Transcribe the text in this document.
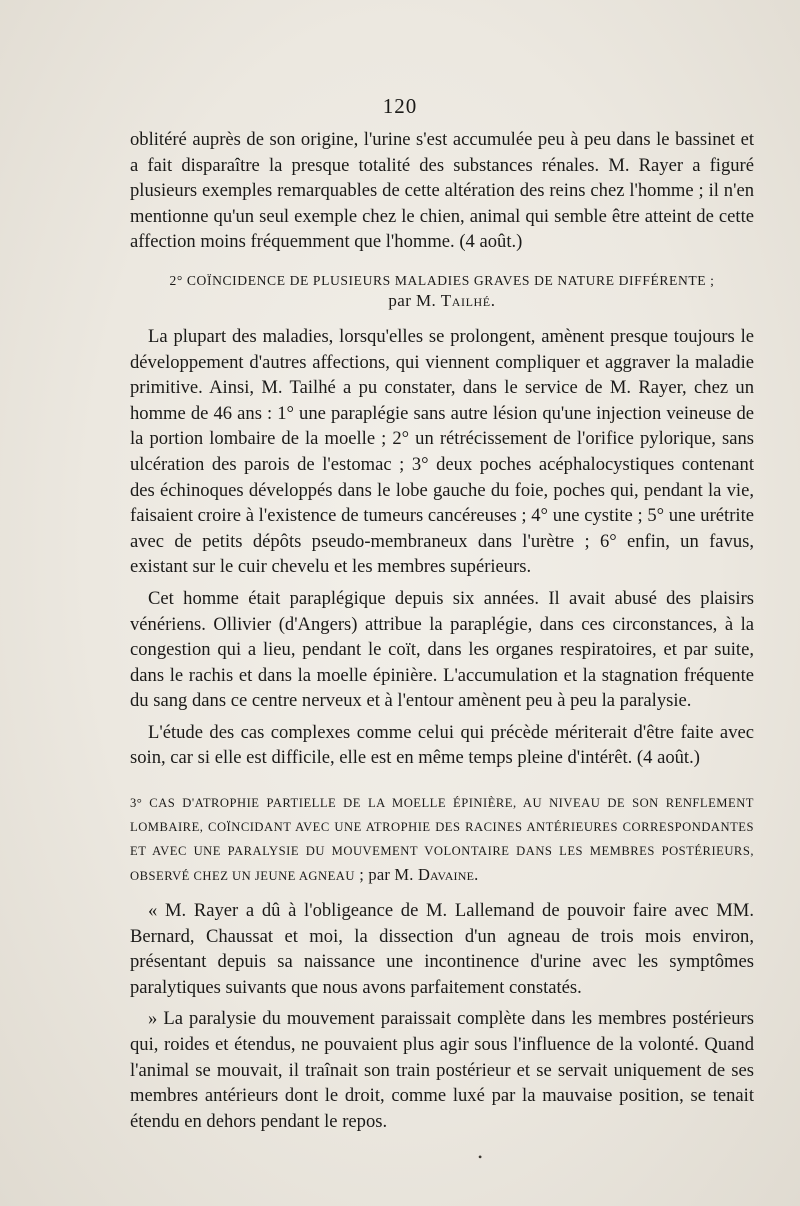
120

oblitéré auprès de son origine, l'urine s'est accumulée peu à peu dans le bassinet et a fait disparaître la presque totalité des substances rénales. M. Rayer a figuré plusieurs exemples remarquables de cette altération des reins chez l'homme ; il n'en mentionne qu'un seul exemple chez le chien, animal qui semble être atteint de cette affection moins fréquemment que l'homme. (4 août.)

2° COÏNCIDENCE DE PLUSIEURS MALADIES GRAVES DE NATURE DIFFÉRENTE ;
par M. Tailhé.

La plupart des maladies, lorsqu'elles se prolongent, amènent presque toujours le développement d'autres affections, qui viennent compliquer et aggraver la maladie primitive. Ainsi, M. Tailhé a pu constater, dans le service de M. Rayer, chez un homme de 46 ans : 1° une paraplégie sans autre lésion qu'une injection veineuse de la portion lombaire de la moelle ; 2° un rétrécissement de l'orifice pylorique, sans ulcération des parois de l'estomac ; 3° deux poches acéphalocystiques contenant des échinoques développés dans le lobe gauche du foie, poches qui, pendant la vie, faisaient croire à l'existence de tumeurs cancéreuses ; 4° une cystite ; 5° une urétrite avec de petits dépôts pseudo-membraneux dans l'urètre ; 6° enfin, un favus, existant sur le cuir chevelu et les membres supérieurs.

Cet homme était paraplégique depuis six années. Il avait abusé des plaisirs vénériens. Ollivier (d'Angers) attribue la paraplégie, dans ces circonstances, à la congestion qui a lieu, pendant le coït, dans les organes respiratoires, et par suite, dans le rachis et dans la moelle épinière. L'accumulation et la stagnation fréquente du sang dans ce centre nerveux et à l'entour amènent peu à peu la paralysie.

L'étude des cas complexes comme celui qui précède mériterait d'être faite avec soin, car si elle est difficile, elle est en même temps pleine d'intérêt. (4 août.)

3° CAS D'ATROPHIE PARTIELLE DE LA MOELLE ÉPINIÈRE, AU NIVEAU DE SON RENFLEMENT LOMBAIRE, COÏNCIDANT AVEC UNE ATROPHIE DES RACINES ANTÉRIEURES CORRESPONDANTES ET AVEC UNE PARALYSIE DU MOUVEMENT VOLONTAIRE DANS LES MEMBRES POSTÉRIEURS, OBSERVÉ CHEZ UN JEUNE AGNEAU ; par M. Davaine.

« M. Rayer a dû à l'obligeance de M. Lallemand de pouvoir faire avec MM. Bernard, Chaussat et moi, la dissection d'un agneau de trois mois environ, présentant depuis sa naissance une incontinence d'urine avec les symptômes paralytiques suivants que nous avons parfaitement constatés.

» La paralysie du mouvement paraissait complète dans les membres postérieurs qui, roides et étendus, ne pouvaient plus agir sous l'influence de la volonté. Quand l'animal se mouvait, il traînait son train postérieur et se servait uniquement de ses membres antérieurs dont le droit, comme luxé par la mauvaise position, se tenait étendu en dehors pendant le repos.

•
